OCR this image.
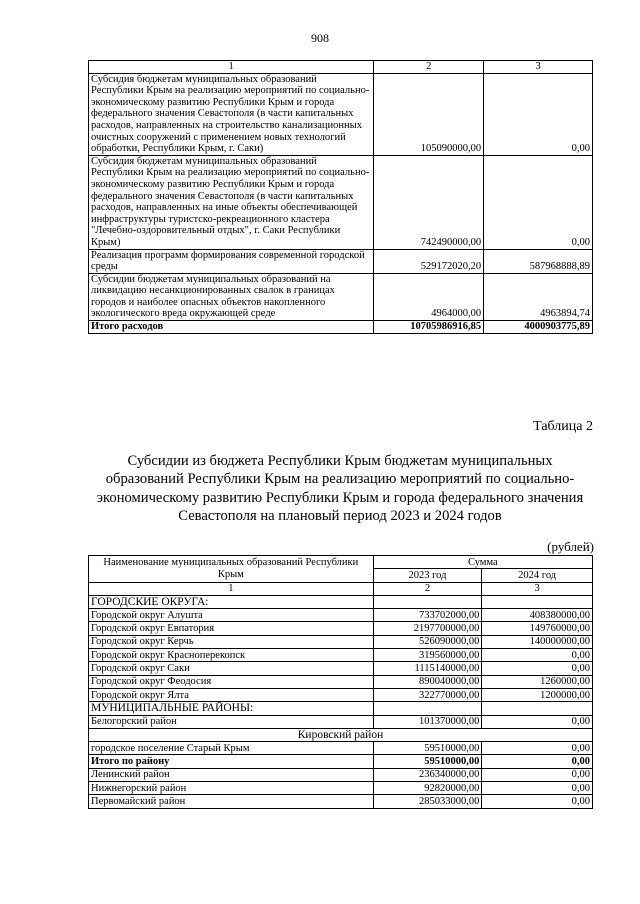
908
1	2	3
Субсидия бюджетам муниципальных образований Республики Крым на реализацию мероприятий по социально-экономическому развитию Республики Крым и города федерального значения Севастополя (в части капитальных расходов, направленных на строительство канализационных очистных сооружений с применением новых технологий обработки, Республики Крым, г. Саки)	105090000,00	0,00
Субсидия бюджетам муниципальных образований Республики Крым на реализацию мероприятий по социально-экономическому развитию Республики Крым и города федерального значения Севастополя (в части капитальных расходов, направленных на иные объекты обеспечивающей инфраструктуры туристско-рекреационного кластера "Лечебно-оздоровительный отдых", г. Саки Республики Крым)	742490000,00	0,00
Реализация программ формирования современной городской среды	529172020,20	587968888,89
Субсидии бюджетам муниципальных образований на ликвидацию несанкционированных свалок в границах городов и наиболее опасных объектов накопленного экологического вреда окружающей среде	4964000,00	4963894,74
Итого расходов	10705986916,85	4000903775,89
Таблица 2
Субсидии из бюджета Республики Крым бюджетам муниципальных образований Республики Крым на реализацию мероприятий по социально-экономическому развитию Республики Крым и города федерального значения Севастополя на плановый период 2023 и 2024 годов
(рублей)
Наименование муниципальных образований Республики Крым	Сумма	
	2023 год	2024 год
1	2	3
ГОРОДСКИЕ ОКРУГА:		
Городской округ Алушта	733702000,00	408380000,00
Городской округ Евпатория	2197700000,00	149760000,00
Городской округ Керчь	526090000,00	140000000,00
Городской округ Красноперекопск	319560000,00	0,00
Городской округ Саки	1115140000,00	0,00
Городской округ Феодосия	890040000,00	1260000,00
Городской округ Ялта	322770000,00	1200000,00
МУНИЦИПАЛЬНЫЕ РАЙОНЫ:		
Белогорский район	101370000,00	0,00
Кировский район		
городское поселение Старый Крым	59510000,00	0,00
Итого по району	59510000,00	0,00
Ленинский район	236340000,00	0,00
Нижнегорский район	92820000,00	0,00
Первомайский район	285033000,00	0,00
